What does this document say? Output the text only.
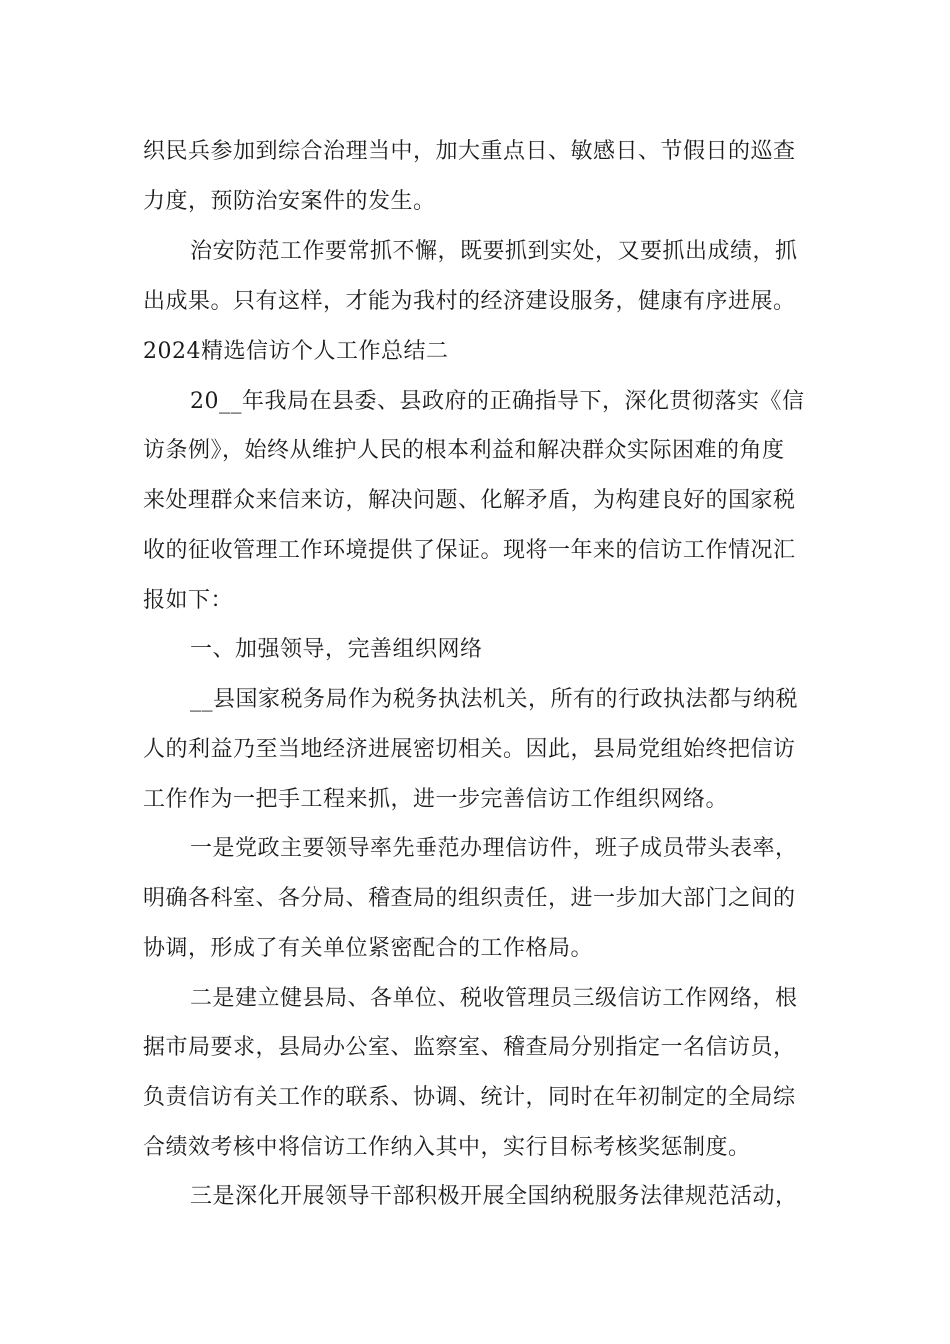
织民兵参加到综合治理当中，加大重点日、敏感日、节假日的巡查
力度，预防治安案件的发生。
治安防范工作要常抓不懈，既要抓到实处，又要抓出成绩，抓
出成果。只有这样，才能为我村的经济建设服务，健康有序进展。
2024精选信访个人工作总结二
20__年我局在县委、县政府的正确指导下，深化贯彻落实《信
访条例》，始终从维护人民的根本利益和解决群众实际困难的角度
来处理群众来信来访，解决问题、化解矛盾，为构建良好的国家税
收的征收管理工作环境提供了保证。现将一年来的信访工作情况汇
报如下：
一、加强领导，完善组织网络
__县国家税务局作为税务执法机关，所有的行政执法都与纳税
人的利益乃至当地经济进展密切相关。因此，县局党组始终把信访
工作作为一把手工程来抓，进一步完善信访工作组织网络。
一是党政主要领导率先垂范办理信访件，班子成员带头表率，
明确各科室、各分局、稽查局的组织责任，进一步加大部门之间的
协调，形成了有关单位紧密配合的工作格局。
二是建立健县局、各单位、税收管理员三级信访工作网络，根
据市局要求，县局办公室、监察室、稽查局分别指定一名信访员，
负责信访有关工作的联系、协调、统计，同时在年初制定的全局综
合绩效考核中将信访工作纳入其中，实行目标考核奖惩制度。
三是深化开展领导干部积极开展全国纳税服务法律规范活动，
